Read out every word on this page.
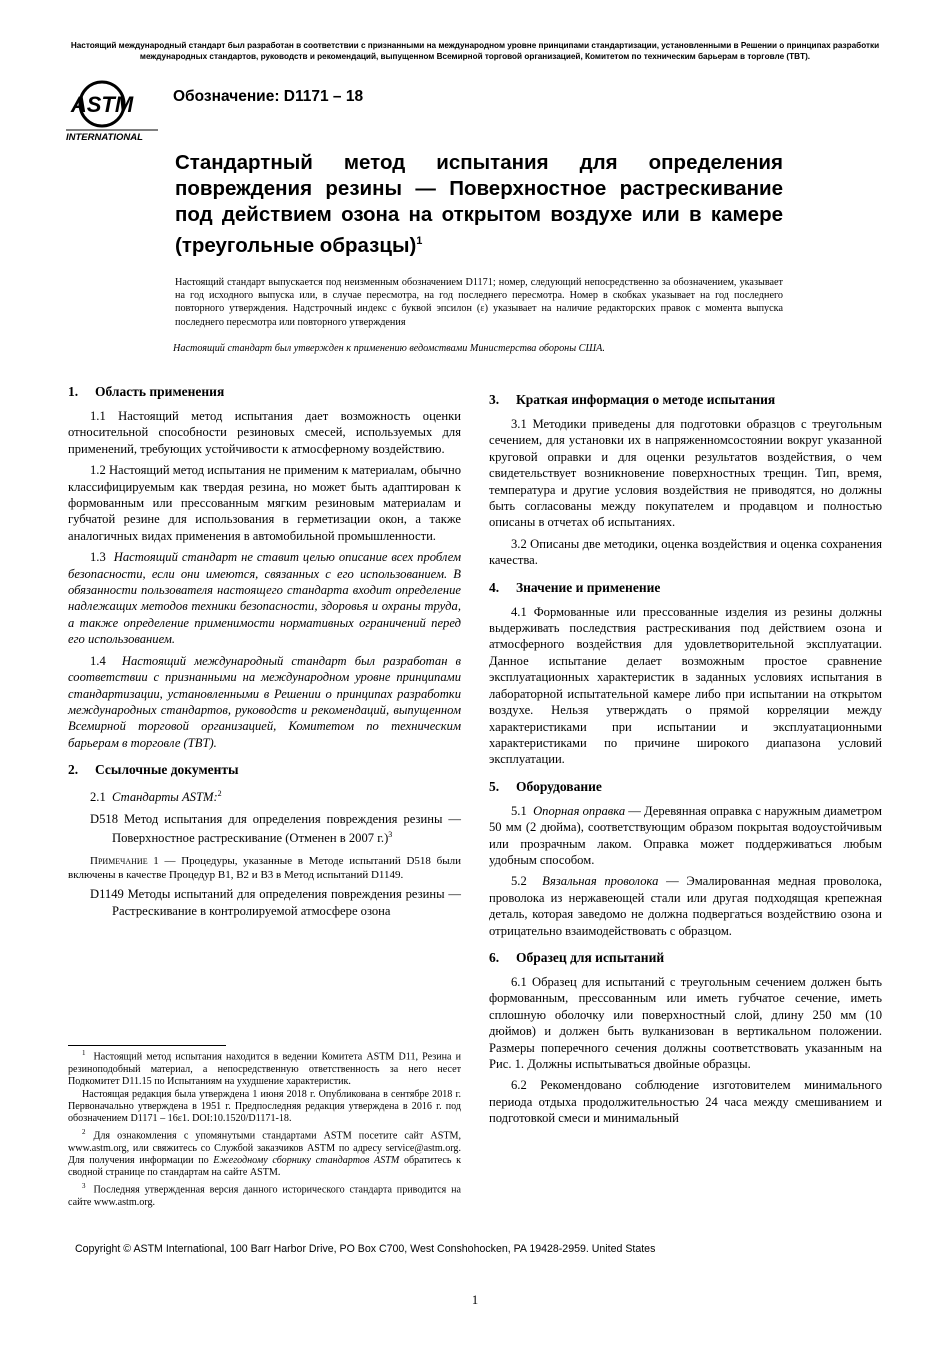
Настоящий международный стандарт был разработан в соответствии с признанными на международном уровне принципами стандартизации, установленными в Решении о принципах разработки международных стандартов, руководств и рекомендаций, выпущенном Всемирной торговой организацией, Комитетом по техническим барьерам в торговле (TBT).
ASTM
INTERNATIONAL
Обозначение: D1171 – 18
Стандартный метод испытания для определения повреждения резины — Поверхностное растрескивание под действием озона на открытом воздухе или в камере (треугольные образцы)$^1$
Настоящий стандарт выпускается под неизменным обозначением D1171; номер, следующий непосредственно за обозначением, указывает на год исходного выпуска или, в случае пересмотра, на год последнего пересмотра. Номер в скобках указывает на год последнего повторного утверждения. Надстрочный индекс с буквой эпсилон (ε) указывает на наличие редакторских правок с момента выпуска последнего пересмотра или повторного утверждения
Настоящий стандарт был утвержден к применению ведомствами Министерства обороны США.
1. Область применения

1.1 Настоящий метод испытания дает возможность оценки относительной способности резиновых смесей, используемых для применений, требующих устойчивости к атмосферному воздействию.

1.2 Настоящий метод испытания не применим к материалам, обычно классифицируемым как твердая резина, но может быть адаптирован к формованным или прессованным мягким резиновым материалам и губчатой резине для использования в герметизации окон, а также аналогичных видах применения в автомобильной промышленности.

1.3 Настоящий стандарт не ставит целью описание всех проблем безопасности, если они имеются, связанных с его использованием. В обязанности пользователя настоящего стандарта входит определение надлежащих методов техники безопасности, здоровья и охраны труда, а также определение применимости нормативных ограничений перед его использованием.

1.4 Настоящий международный стандарт был разработан в соответствии с признанными на международном уровне принципами стандартизации, установленными в Решении о принципах разработки международных стандартов, руководств и рекомендаций, выпущенном Всемирной торговой организацией, Комитетом по техническим барьерам в торговле (TBT).

2. Ссылочные документы

2.1 Стандарты ASTM:$^2$

D518 Метод испытания для определения повреждения резины — Поверхностное растрескивание (Отменен в 2007 г.)$^3$

Примечание 1 — Процедуры, указанные в Методе испытаний D518 были включены в качестве Процедур B1, B2 и B3 в Метод испытаний D1149.

D1149 Методы испытаний для определения повреждения резины — Растрескивание в контролируемой атмосфере озона

$^1$ Настоящий метод испытания находится в ведении Комитета ASTM D11, Резина и резиноподобный материал, а непосредственную ответственность за него несет Подкомитет D11.15 по Испытаниям на ухудшение характеристик.

Настоящая редакция была утверждена 1 июня 2018 г. Опубликована в сентябре 2018 г. Первоначально утверждена в 1951 г. Предпоследняя редакция утверждена в 2016 г. под обозначением D1171 – 16ε1. DOI:10.1520/D1171-18.

$^2$ Для ознакомления с упомянутыми стандартами ASTM посетите сайт ASTM, www.astm.org, или свяжитесь со Службой заказчиков ASTM по адресу service@astm.org. Для получения информации по Ежегодному сборнику стандартов ASTM обратитесь к сводной странице по стандартам на сайте ASTM.

$^3$ Последняя утвержденная версия данного исторического стандарта приводится на сайте www.astm.org.

3. Краткая информация о методе испытания

3.1 Методики приведены для подготовки образцов с треугольным сечением, для установки их в напряженномсостоянии вокруг указанной круговой оправки и для оценки результатов воздействия, о чем свидетельствует возникновение поверхностных трещин. Тип, время, температура и другие условия воздействия не приводятся, но должны быть согласованы между покупателем и продавцом и полностью описаны в отчетах об испытаниях.

3.2 Описаны две методики, оценка воздействия и оценка сохранения качества.

4. Значение и применение

4.1 Формованные или прессованные изделия из резины должны выдерживать последствия растрескивания под действием озона и атмосферного воздействия для удовлетворительной эксплуатации. Данное испытание делает возможным простое сравнение эксплуатационных характеристик в заданных условиях испытания в лабораторной испытательной камере либо при испытании на открытом воздухе. Нельзя утверждать о прямой корреляции между характеристиками при испытании и эксплуатационными характеристиками по причине широкого диапазона условий эксплуатации.

5. Оборудование

5.1 Опорная оправка — Деревянная оправка с наружным диаметром 50 мм (2 дюйма), соответствующим образом покрытая водоустойчивым или прозрачным лаком. Оправка может поддерживаться любым удобным способом.

5.2 Вязальная проволока — Эмалированная медная проволока, проволока из нержавеющей стали или другая подходящая крепежная деталь, которая заведомо не должна подвергаться воздействию озона и отрицательно взаимодействовать с образцом.

6. Образец для испытаний

6.1 Образец для испытаний с треугольным сечением должен быть формованным, прессованным или иметь губчатое сечение, иметь сплошную оболочку или поверхностный слой, длину 250 мм (10 дюймов) и должен быть вулканизован в вертикальном положении. Размеры поперечного сечения должны соответствовать указанным на Рис. 1. Должны испытываться двойные образцы.

6.2 Рекомендовано соблюдение изготовителем минимального периода отдыха продолжительностью 24 часа между смешиванием и подготовкой смеси и минимальный

Copyright © ASTM International, 100 Barr Harbor Drive, PO Box C700, West Conshohocken, PA 19428-2959. United States
1
